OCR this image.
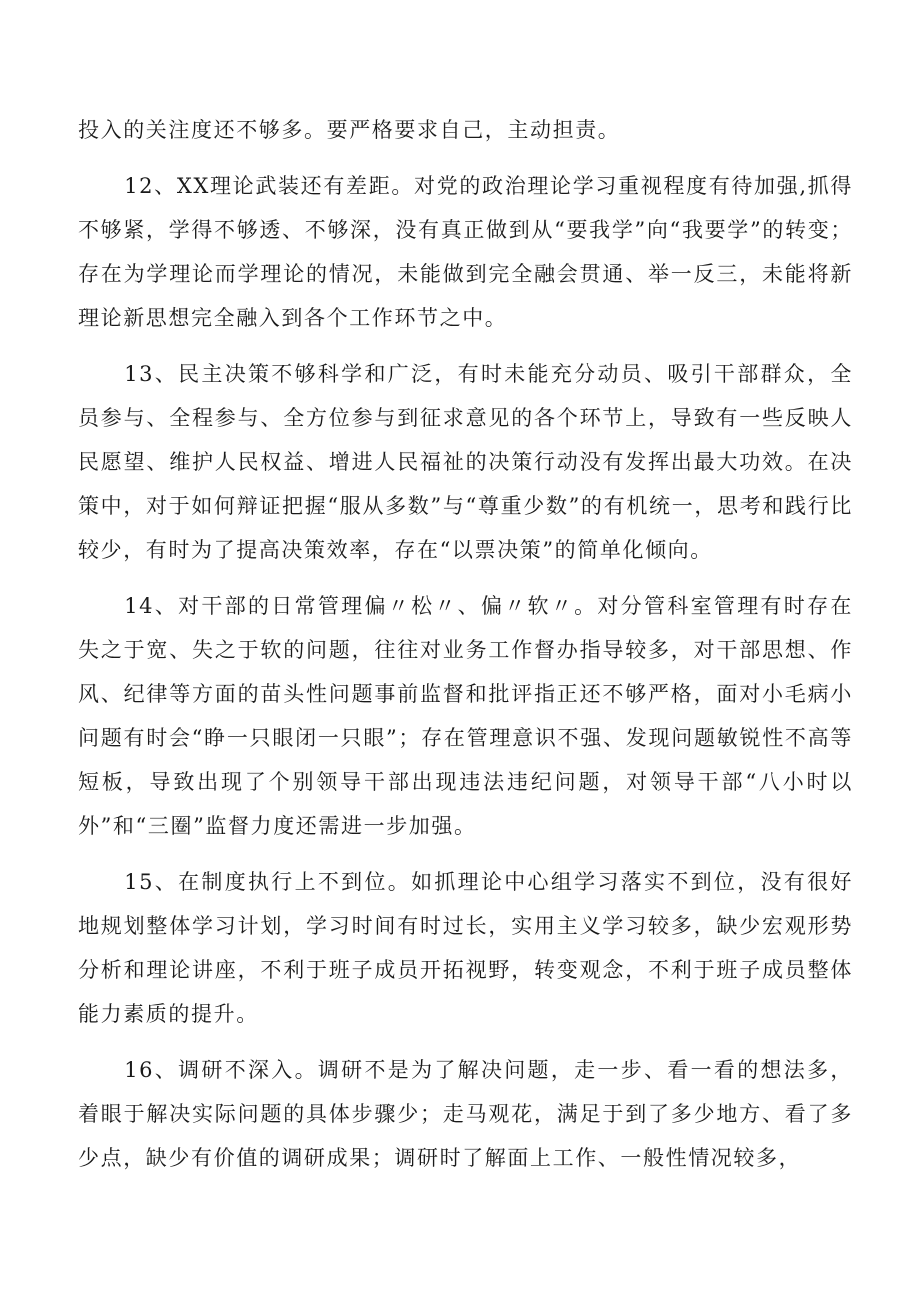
投入的关注度还不够多。要严格要求自己，主动担责。

12、XX理论武装还有差距。对党的政治理论学习重视程度有待加强,抓得不够紧，学得不够透、不够深，没有真正做到从“要我学”向“我要学”的转变；存在为学理论而学理论的情况，未能做到完全融会贯通、举一反三，未能将新理论新思想完全融入到各个工作环节之中。

13、民主决策不够科学和广泛，有时未能充分动员、吸引干部群众，全员参与、全程参与、全方位参与到征求意见的各个环节上，导致有一些反映人民愿望、维护人民权益、增进人民福祉的决策行动没有发挥出最大功效。在决策中，对于如何辩证把握“服从多数”与“尊重少数”的有机统一，思考和践行比较少，有时为了提高决策效率，存在“以票决策”的简单化倾向。

14、对干部的日常管理偏〃松〃、偏〃软〃。对分管科室管理有时存在失之于宽、失之于软的问题，往往对业务工作督办指导较多，对干部思想、作风、纪律等方面的苗头性问题事前监督和批评指正还不够严格，面对小毛病小问题有时会“睁一只眼闭一只眼”；存在管理意识不强、发现问题敏锐性不高等短板，导致出现了个别领导干部出现违法违纪问题，对领导干部“八小时以外”和“三圈”监督力度还需进一步加强。

15、在制度执行上不到位。如抓理论中心组学习落实不到位，没有很好地规划整体学习计划，学习时间有时过长，实用主义学习较多，缺少宏观形势分析和理论讲座，不利于班子成员开拓视野，转变观念，不利于班子成员整体能力素质的提升。

16、调研不深入。调研不是为了解决问题，走一步、看一看的想法多，着眼于解决实际问题的具体步骤少；走马观花，满足于到了多少地方、看了多少点，缺少有价值的调研成果；调研时了解面上工作、一般性情况较多，
